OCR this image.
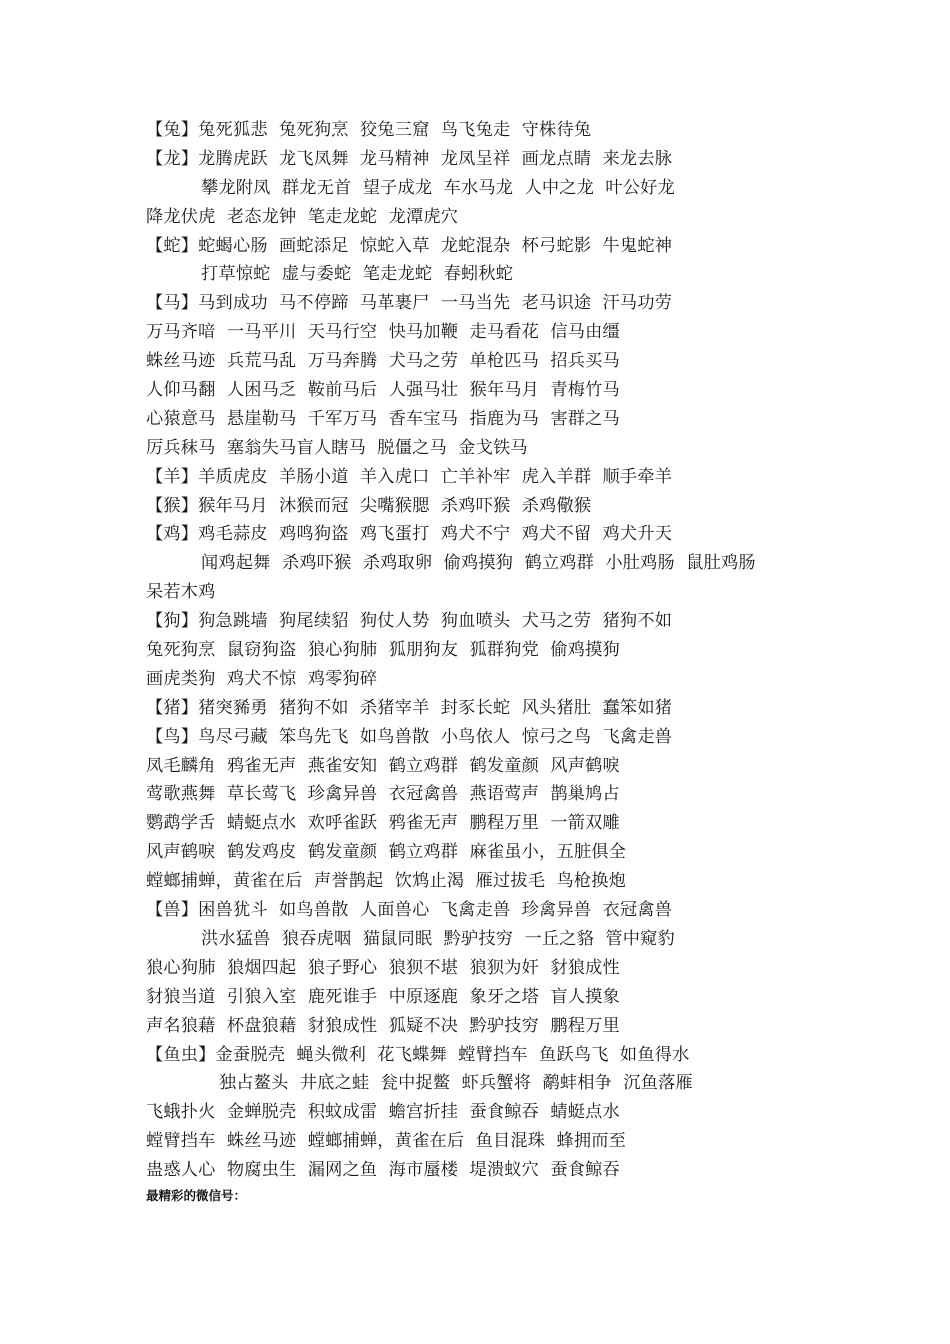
【兔】兔死狐悲  兔死狗烹  狡兔三窟  鸟飞兔走  守株待兔
【龙】龙腾虎跃  龙飞凤舞  龙马精神  龙凤呈祥  画龙点睛  来龙去脉
攀龙附凤  群龙无首  望子成龙  车水马龙  人中之龙  叶公好龙
降龙伏虎  老态龙钟  笔走龙蛇  龙潭虎穴
【蛇】蛇蝎心肠  画蛇添足  惊蛇入草  龙蛇混杂  杯弓蛇影  牛鬼蛇神
打草惊蛇  虚与委蛇  笔走龙蛇  春蚓秋蛇
【马】马到成功  马不停蹄  马革裹尸  一马当先  老马识途  汗马功劳
万马齐喑  一马平川  天马行空  快马加鞭  走马看花  信马由缰
蛛丝马迹  兵荒马乱  万马奔腾  犬马之劳  单枪匹马  招兵买马
人仰马翻  人困马乏  鞍前马后  人强马壮  猴年马月  青梅竹马
心猿意马  悬崖勒马  千军万马  香车宝马  指鹿为马  害群之马
厉兵秣马  塞翁失马盲人瞎马  脱僵之马  金戈铁马
【羊】羊质虎皮  羊肠小道  羊入虎口  亡羊补牢  虎入羊群  顺手牵羊
【猴】猴年马月  沐猴而冠  尖嘴猴腮  杀鸡吓猴  杀鸡儆猴
【鸡】鸡毛蒜皮  鸡鸣狗盗  鸡飞蛋打  鸡犬不宁  鸡犬不留  鸡犬升天
闻鸡起舞  杀鸡吓猴  杀鸡取卵  偷鸡摸狗  鹤立鸡群  小肚鸡肠  鼠肚鸡肠
呆若木鸡
【狗】狗急跳墙  狗尾续貂  狗仗人势  狗血喷头  犬马之劳  猪狗不如
兔死狗烹  鼠窃狗盗  狼心狗肺  狐朋狗友  狐群狗党  偷鸡摸狗
画虎类狗  鸡犬不惊  鸡零狗碎
【猪】猪突豨勇  猪狗不如  杀猪宰羊  封豕长蛇  风头猪肚  蠢笨如猪
【鸟】鸟尽弓藏  笨鸟先飞  如鸟兽散  小鸟依人  惊弓之鸟  飞禽走兽
凤毛麟角  鸦雀无声  燕雀安知  鹤立鸡群  鹤发童颜  风声鹤唳
莺歌燕舞  草长莺飞  珍禽异兽  衣冠禽兽  燕语莺声  鹊巢鸠占
鹦鹉学舌  蜻蜓点水  欢呼雀跃  鸦雀无声  鹏程万里  一箭双雕
风声鹤唳  鹤发鸡皮  鹤发童颜  鹤立鸡群  麻雀虽小，五脏俱全
螳螂捕蝉，黄雀在后  声誉鹊起  饮鸩止渴  雁过拔毛  鸟枪换炮
【兽】困兽犹斗  如鸟兽散  人面兽心  飞禽走兽  珍禽异兽  衣冠禽兽
洪水猛兽  狼吞虎咽  猫鼠同眠  黔驴技穷  一丘之貉  管中窥豹
狼心狗肺  狼烟四起  狼子野心  狼狈不堪  狼狈为奸  豺狼成性
豺狼当道  引狼入室  鹿死谁手  中原逐鹿  象牙之塔  盲人摸象
声名狼藉  杯盘狼藉  豺狼成性  狐疑不决  黔驴技穷  鹏程万里
【鱼虫】金蚕脱壳  蝇头微利  花飞蝶舞  螳臂挡车  鱼跃鸟飞  如鱼得水
独占鳌头  井底之蛙  瓮中捉鳖  虾兵蟹将  鹬蚌相争  沉鱼落雁
飞蛾扑火  金蝉脱壳  积蚊成雷  蟾宫折挂  蚕食鲸吞  蜻蜓点水
螳臂挡车  蛛丝马迹  螳螂捕蝉，黄雀在后  鱼目混珠  蜂拥而至
蛊惑人心  物腐虫生  漏网之鱼  海市蜃楼  堤溃蚁穴  蚕食鲸吞
最精彩的微信号：
